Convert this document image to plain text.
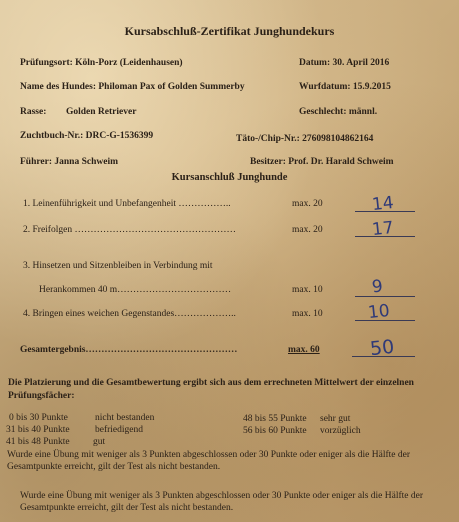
Kursabschluß-Zertifikat Junghundekurs
Prüfungsort: Köln-Porz (Leidenhausen)	Datum: 30. April 2016
Name des Hundes: Philoman Pax of Golden Summerby	Wurfdatum: 15.9.2015
Rasse: Golden Retriever	Geschlecht: männl.
Zuchtbuch-Nr.: DRC-G-1536399	Täto-/Chip-Nr.: 276098104862164
Führer: Janna Schweim	Besitzer: Prof. Dr. Harald Schweim
Kursanschluß Junghunde
1. Leinenführigkeit und Unbefangenheit ……………..	max. 20	14
2. Freifolgen ……………………………………………	max. 20	17
3. Hinsetzen und Sitzenbleiben in Verbindung mit
Herankommen 40 m………………………………	max. 10	9
4. Bringen eines weichen Gegenstandes………………..	max. 10	10
Gesamtergebnis…………………………………………	max. 60	50
Die Platzierung und die Gesamtbewertung ergibt sich aus dem errechneten Mittelwert der einzelnen Prüfungsfächer:
0 bis 30 Punkte	nicht bestanden
31 bis 40 Punkte	befriedigend
41 bis 48 Punkte gut
48 bis 55 Punkte sehr gut
56 bis 60 Punkte vorzüglich
Wurde eine Übung mit weniger als 3 Punkten abgeschlossen oder 30 Punkte oder eniger als die Hälfte der Gesamtpunkte erreicht, gilt der Test als nicht bestanden.
Wurde eine Übung mit weniger als 3 Punkten abgeschlossen oder 30 Punkte oder eniger als die Hälfte der Gesamtpunkte erreicht, gilt der Test als nicht bestanden.
